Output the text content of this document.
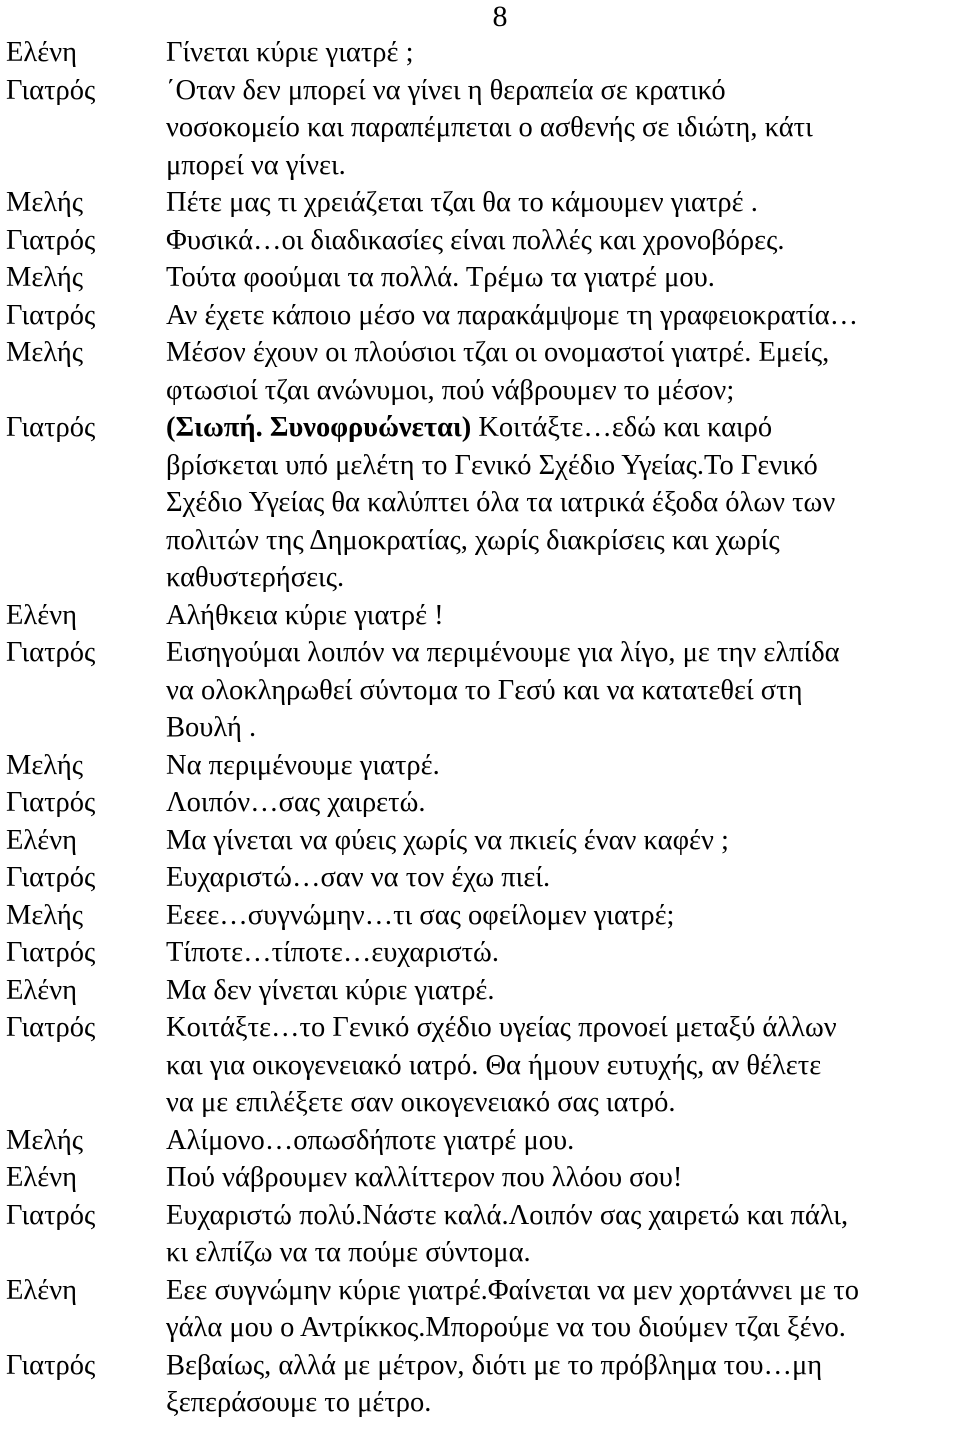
8
Ελένη	Γίνεται κύριε γιατρέ ;
Γιατρός	΄Οταν δεν μπορεί να γίνει η θεραπεία σε κρατικό
νοσοκομείο και παραπέμπεται ο ασθενής σε ιδιώτη, κάτι
μπορεί να γίνει.
Μελής	Πέτε μας τι χρειάζεται τζαι θα το κάμουμεν γιατρέ .
Γιατρός	Φυσικά…οι διαδικασίες είναι πολλές και χρονοβόρες.
Μελής	Τούτα φοούμαι τα πολλά. Τρέμω τα γιατρέ μου.
Γιατρός	Αν έχετε κάποιο μέσο να παρακάμψομε τη γραφειοκρατία…
Μελής	Μέσον έχουν οι πλούσιοι τζαι οι ονομαστοί γιατρέ. Εμείς,
φτωσιοί τζαι ανώνυμοι, πού νάβρουμεν το μέσον;
Γιατρός	(Σιωπή. Συνοφρυώνεται) Κοιτάξτε…εδώ και καιρό
βρίσκεται υπό μελέτη το Γενικό Σχέδιο Υγείας.Το Γενικό
Σχέδιο Υγείας θα καλύπτει όλα τα ιατρικά έξοδα όλων των
πολιτών της Δημοκρατίας, χωρίς διακρίσεις και χωρίς
καθυστερήσεις.
Ελένη	Αλήθκεια κύριε γιατρέ !
Γιατρός	Εισηγούμαι λοιπόν να περιμένουμε για λίγο, με την ελπίδα
να ολοκληρωθεί σύντομα το Γεσύ και να κατατεθεί στη
Βουλή .
Μελής	Να περιμένουμε γιατρέ.
Γιατρός	Λοιπόν…σας χαιρετώ.
Ελένη	Μα γίνεται να φύεις χωρίς να πκιείς έναν καφέν ;
Γιατρός	Ευχαριστώ…σαν να τον έχω πιεί.
Μελής	Εεεε…συγνώμην…τι σας οφείλομεν γιατρέ;
Γιατρός	Τίποτε…τίποτε…ευχαριστώ.
Ελένη	Μα δεν γίνεται κύριε γιατρέ.
Γιατρός	Κοιτάξτε…το Γενικό σχέδιο υγείας προνοεί μεταξύ άλλων
και για οικογενειακό ιατρό. Θα ήμουν ευτυχής, αν θέλετε
να με επιλέξετε σαν οικογενειακό σας ιατρό.
Μελής	Αλίμονο…οπωσδήποτε γιατρέ μου.
Ελένη	Πού νάβρουμεν καλλίττερον που λλόου σου!
Γιατρός	Ευχαριστώ πολύ.Νάστε καλά.Λοιπόν σας χαιρετώ και πάλι,
κι ελπίζω να τα πούμε σύντομα.
Ελένη	Εεε συγνώμην κύριε γιατρέ.Φαίνεται να μεν χορτάννει με το
γάλα μου ο Αντρίκκος.Μπορούμε να του διούμεν τζαι ξένο.
Γιατρός	Βεβαίως, αλλά με μέτρον, διότι με το πρόβλημα του…μη
ξεπεράσουμε το μέτρο.
